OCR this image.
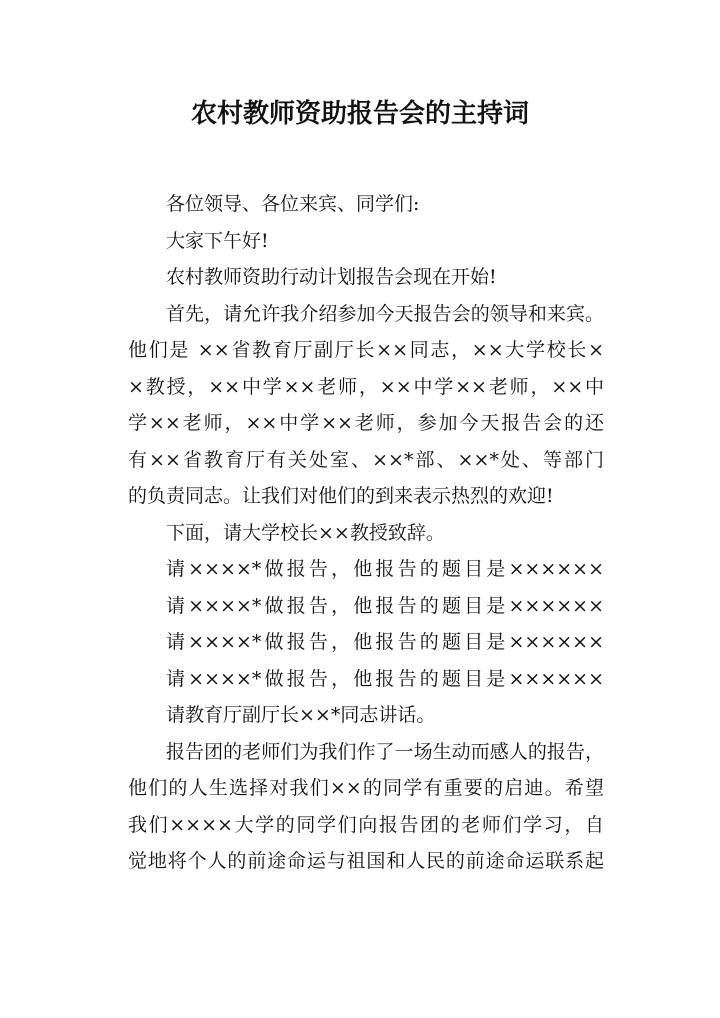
农村教师资助报告会的主持词
各位领导、各位来宾、同学们:
大家下午好!
农村教师资助行动计划报告会现在开始!
首先，请允许我介绍参加今天报告会的领导和来宾。
他们是 ××省教育厅副厅长××同志，××大学校长×
×教授，××中学××老师，××中学××老师，××中
学××老师，××中学××老师，参加今天报告会的还
有××省教育厅有关处室、××*部、××*处、等部门
的负责同志。让我们对他们的到来表示热烈的欢迎!
下面，请大学校长××教授致辞。
请××××*做报告，他报告的题目是××××××
请××××*做报告，他报告的题目是××××××
请××××*做报告，他报告的题目是××××××
请××××*做报告，他报告的题目是××××××
请教育厅副厅长××*同志讲话。
报告团的老师们为我们作了一场生动而感人的报告，
他们的人生选择对我们××的同学有重要的启迪。希望
我们××××大学的同学们向报告团的老师们学习，自
觉地将个人的前途命运与祖国和人民的前途命运联系起
